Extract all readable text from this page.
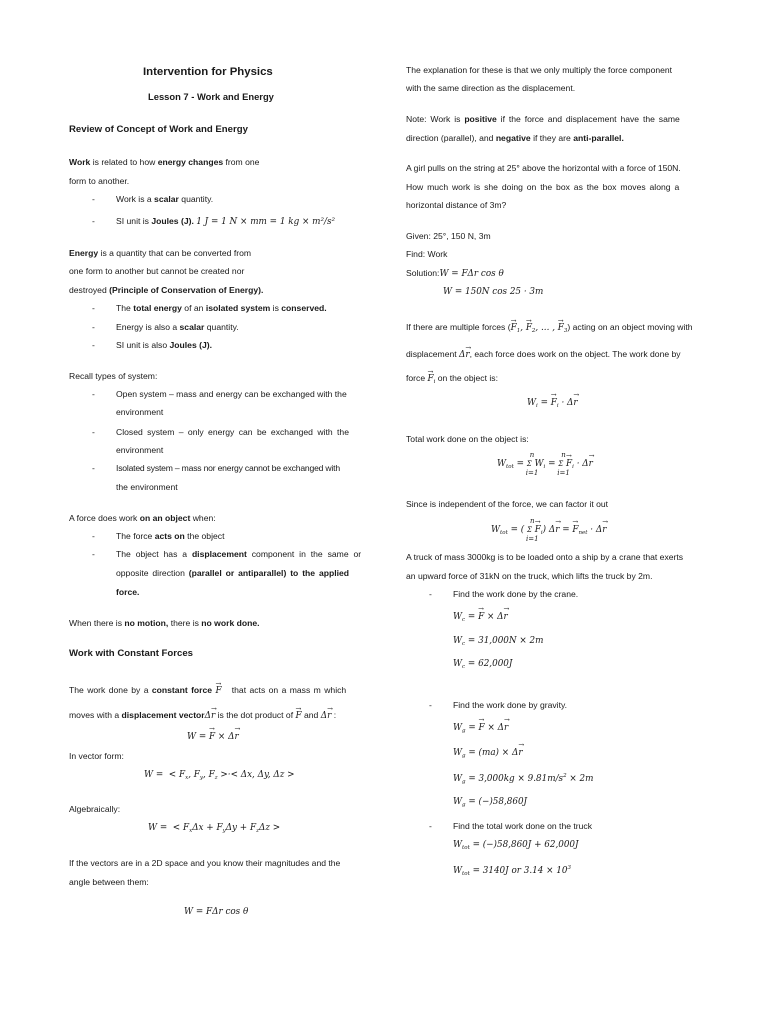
Intervention for Physics
Lesson 7 - Work and Energy
Review of Concept of Work and Energy
Work is related to how energy changes from one
form to another.
- Work is a scalar quantity.
- SI unit is Joules (J). 1 J = 1 N × mm = 1 kg × m²/s²
Energy is a quantity that can be converted from
one form to another but cannot be created nor
destroyed (Principle of Conservation of Energy).
- The total energy of an isolated system is conserved.
- Energy is also a scalar quantity.
- SI unit is also Joules (J).
Recall types of system:
- Open system – mass and energy can be exchanged with the
environment
- Closed system – only energy can be exchanged with the
environment
- Isolated system – mass nor energy cannot be exchanged with
the environment
A force does work on an object when:
- The force acts on the object
- The object has a displacement component in the same or
opposite direction (parallel or antiparallel) to the applied
force.
When there is no motion, there is no work done.
Work with Constant Forces
The work done by a constant force → F   that acts on a mass m which
moves with a displacement vectorΔ→ r is the dot product of → F and Δ→ r :
W = → F × Δ→ r
In vector form:
W =  < $F_x$, $F_y$, $F_z$ >·< Δx, Δy, Δz >
Algebraically:
W =  < $F_x\Delta x + F_y\Delta y + F_z\Delta z$ >
If the vectors are in a 2D space and you know their magnitudes and the
angle between them:
W = FΔr cos θ
The explanation for these is that we only multiply the force component
with the same direction as the displacement.
Note: Work is positive if the force and displacement have the same
direction (parallel), and negative if they are anti-parallel.
A girl pulls on the string at 25° above the horizontal with a force of 150N.
How much work is she doing on the box as the box moves along a
horizontal distance of 3m?
Given: 25°, 150 N, 3m
Find: Work
Solution:W = FΔr cos θ
W = 150N cos 25 · 3m
If there are multiple forces (→ $F_1$, → $F_2$, ... , → $F_3$) acting on an object moving with
displacement Δ→ r, each force does work on the object. The work done by
force → $F_i$ on the object is:
$W_i$ = → $F_i \cdot \Delta\to r$
Total work done on the object is:
$W_{tot}$ =
n
Σ
i=1
$W_i$ =
n
Σ
i=1
→ $F_i \cdot \Delta\to r$
Since is independent of the force, we can factor it out
$W_{tot}$ = (
n
Σ
i=1
→ $F_i$) Δ→ r = → $F_{net} \cdot \Delta\to r$
A truck of mass 3000kg is to be loaded onto a ship by a crane that exerts
an upward force of 31kN on the truck, which lifts the truck by 2m.
- Find the work done by the crane.
$W_c$ = → F × Δ→ r
$W_c = 31,000N \times 2m$
$W_c = 62,000J$
- Find the work done by gravity.
$W_g$ = → F × Δ→ r
$W_g = (ma) \times \Delta\to r$
$W_g = 3,000kg \times 9.81m/s^2 \times 2m$
$W_g = (-)58,860J$
- Find the total work done on the truck
$W_{tot} = (-)58,860J + 62,000J$
$W_{tot} = 3140J$ or $3.14 \times 10^3$
